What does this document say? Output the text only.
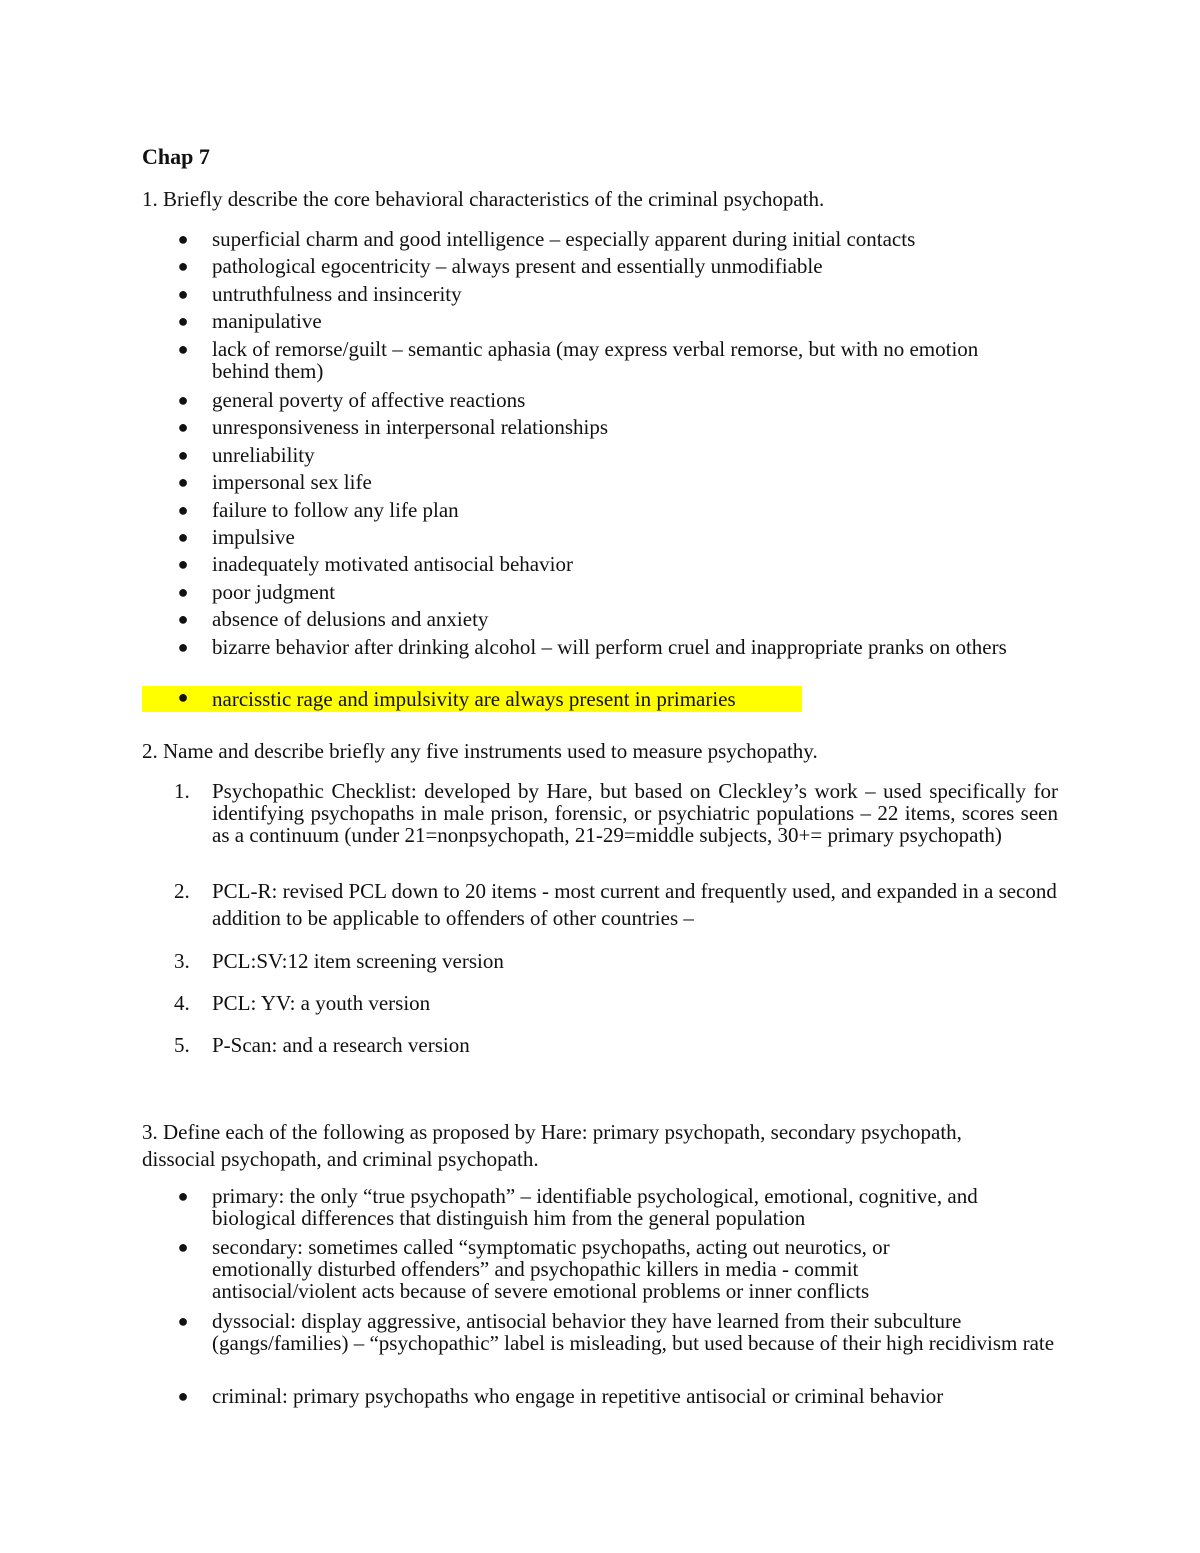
Chap 7
1. Briefly describe the core behavioral characteristics of the criminal psychopath.
● superficial charm and good intelligence – especially apparent during initial contacts
● pathological egocentricity – always present and essentially unmodifiable
● untruthfulness and insincerity
● manipulative
● lack of remorse/guilt – semantic aphasia (may express verbal remorse, but with no emotion behind them)
● general poverty of affective reactions
● unresponsiveness in interpersonal relationships
● unreliability
● impersonal sex life
● failure to follow any life plan
● impulsive
● inadequately motivated antisocial behavior
● poor judgment
● absence of delusions and anxiety
● bizarre behavior after drinking alcohol – will perform cruel and inappropriate pranks on others
● narcisstic rage and impulsivity are always present in primaries
2. Name and describe briefly any five instruments used to measure psychopathy.
1.	Psychopathic Checklist: developed by Hare, but based on Cleckley’s work – used specifically for identifying psychopaths in male prison, forensic, or psychiatric populations – 22 items, scores seen as a continuum (under 21=nonpsychopath, 21-29=middle subjects, 30+= primary psychopath)
2.	PCL-R: revised PCL down to 20 items - most current and frequently used, and expanded in a second addition to be applicable to offenders of other countries –
3.	PCL:SV:12 item screening version
4.	PCL: YV: a youth version
5.	P-Scan: and a research version
3. Define each of the following as proposed by Hare: primary psychopath, secondary psychopath, dissocial psychopath, and criminal psychopath.
● primary: the only “true psychopath” – identifiable psychological, emotional, cognitive, and biological differences that distinguish him from the general population
● secondary: sometimes called “symptomatic psychopaths, acting out neurotics, or emotionally disturbed offenders” and psychopathic killers in media - commit antisocial/violent acts because of severe emotional problems or inner conflicts
● dyssocial: display aggressive, antisocial behavior they have learned from their subculture (gangs/families) – “psychopathic” label is misleading, but used because of their high recidivism rate
● criminal: primary psychopaths who engage in repetitive antisocial or criminal behavior
